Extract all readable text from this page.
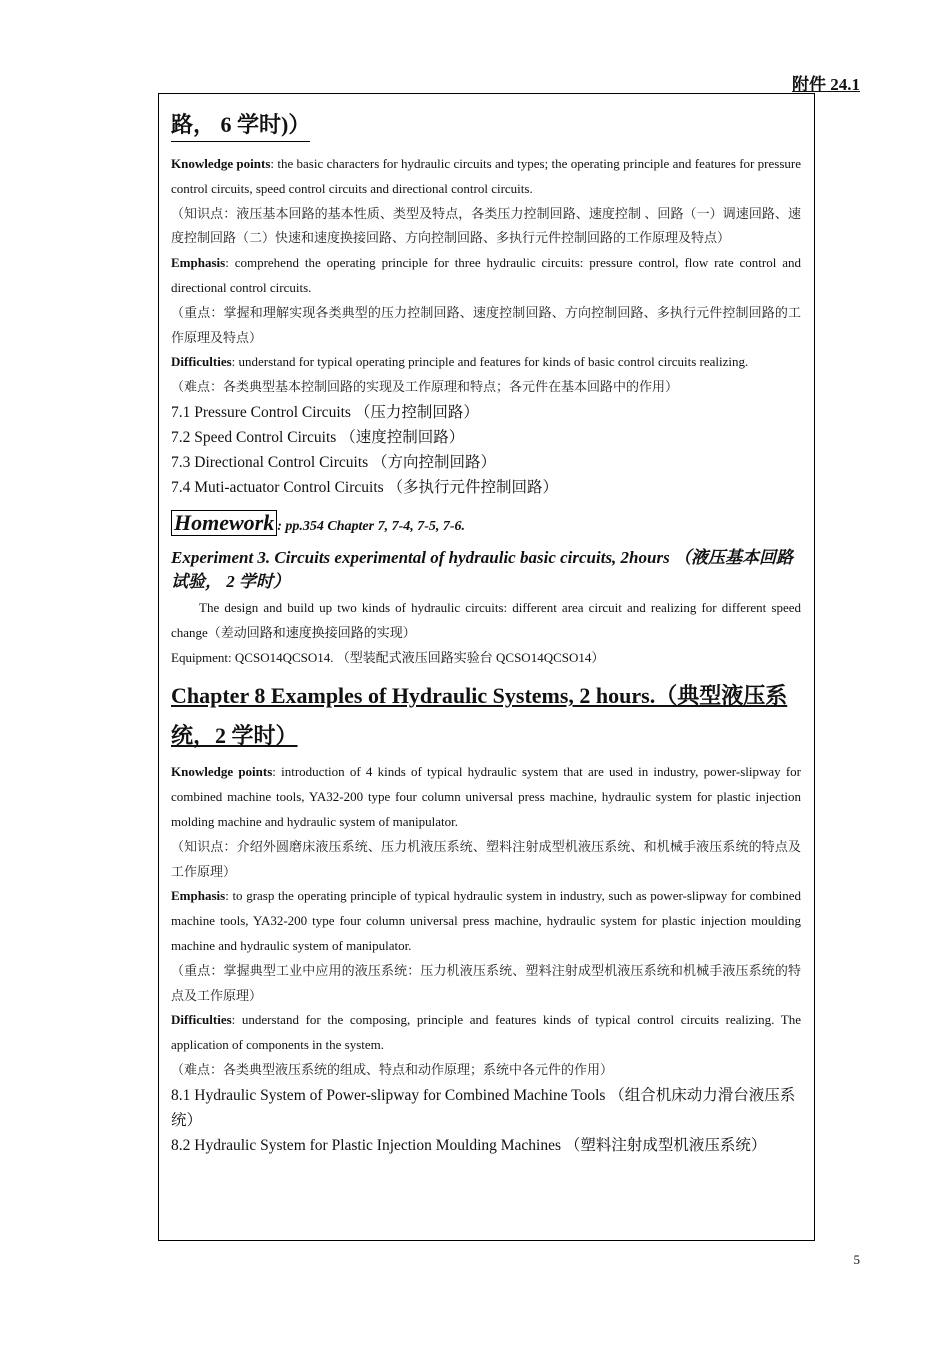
附件 24.1
路， 6 学时)）

Knowledge points: the basic characters for hydraulic circuits and types; the operating principle and features for pressure control circuits, speed control circuits and directional control circuits.

（知识点：液压基本回路的基本性质、类型及特点，各类压力控制回路、速度控制 、回路（一）调速回路、速度控制回路（二）快速和速度换接回路、方向控制回路、多执行元件控制回路的工作原理及特点）

Emphasis: comprehend the operating principle for three hydraulic circuits: pressure control, flow rate control and directional control circuits.

（重点：掌握和理解实现各类典型的压力控制回路、速度控制回路、方向控制回路、多执行元件控制回路的工作原理及特点）

Difficulties: understand for typical operating principle and features for kinds of basic control circuits realizing.

（难点：各类典型基本控制回路的实现及工作原理和特点；各元件在基本回路中的作用）

7.1 Pressure Control Circuits （压力控制回路）

7.2 Speed Control Circuits （速度控制回路）

7.3 Directional Control Circuits （方向控制回路）

7.4 Muti-actuator Control Circuits （多执行元件控制回路）

Homework : pp.354 Chapter 7, 7-4, 7-5, 7-6.
Experiment 3. Circuits experimental of hydraulic basic circuits, 2hours （液压基本回路试验， 2 学时）

The design and build up two kinds of hydraulic circuits: different area circuit and realizing for different speed change（差动回路和速度换接回路的实现）

Equipment: QCSO14QCSO14. （型装配式液压回路实验台 QCSO14QCSO14）

Chapter 8 Examples of Hydraulic Systems, 2 hours.（典型液压系统，2 学时）

Knowledge points: introduction of 4 kinds of typical hydraulic system that are used in industry, power-slipway for combined machine tools, YA32-200 type four column universal press machine, hydraulic system for plastic injection molding machine and hydraulic system of manipulator.

（知识点：介绍外圆磨床液压系统、压力机液压系统、塑料注射成型机液压系统、和机械手液压系统的特点及工作原理）

Emphasis: to grasp the operating principle of typical hydraulic system in industry, such as power-slipway for combined machine tools, YA32-200 type four column universal press machine, hydraulic system for plastic injection moulding machine and hydraulic system of manipulator.

（重点：掌握典型工业中应用的液压系统：压力机液压系统、塑料注射成型机液压系统和机械手液压系统的特点及工作原理）

Difficulties: understand for the composing, principle and features kinds of typical control circuits realizing. The application of components in the system.

（难点：各类典型液压系统的组成、特点和动作原理；系统中各元件的作用）

8.1 Hydraulic System of Power-slipway for Combined Machine Tools （组合机床动力滑台液压系统）

8.2 Hydraulic System for Plastic Injection Moulding Machines （塑料注射成型机液压系统）

5
